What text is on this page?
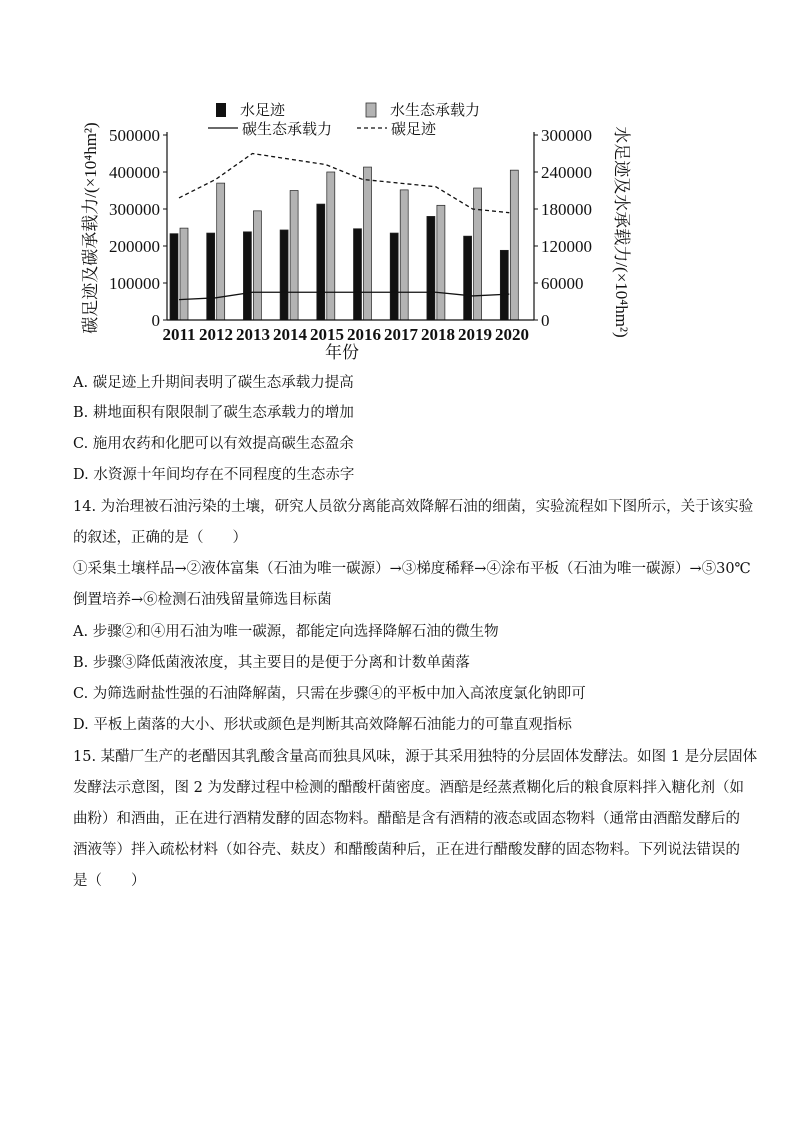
0
100000
200000
300000
400000
500000
0
60000
120000
180000
240000
300000
2011 2012 2013 2014 2015 2016 2017 2018 2019 2020
年份
碳足迹及碳承载力/(×10⁴hm²)	水足迹及水承载力/(×10⁴hm²)
水足迹	水生态承载力
碳生态承载力	碳足迹
A. 碳足迹上升期间表明了碳生态承载力提高
B. 耕地面积有限限制了碳生态承载力的增加
C. 施用农药和化肥可以有效提高碳生态盈余
D. 水资源十年间均存在不同程度的生态赤字
14. 为治理被石油污染的土壤，研究人员欲分离能高效降解石油的细菌，实验流程如下图所示，关于该实验
的叙述，正确的是（　　）
①采集土壤样品→②液体富集（石油为唯一碳源）→③梯度稀释→④涂布平板（石油为唯一碳源）→⑤30℃
倒置培养→⑥检测石油残留量筛选目标菌
A. 步骤②和④用石油为唯一碳源，都能定向选择降解石油的微生物
B. 步骤③降低菌液浓度，其主要目的是便于分离和计数单菌落
C. 为筛选耐盐性强的石油降解菌，只需在步骤④的平板中加入高浓度氯化钠即可
D. 平板上菌落的大小、形状或颜色是判断其高效降解石油能力的可靠直观指标
15. 某醋厂生产的老醋因其乳酸含量高而独具风味，源于其采用独特的分层固体发酵法。如图 1 是分层固体
发酵法示意图，图 2 为发酵过程中检测的醋酸杆菌密度。酒醅是经蒸煮糊化后的粮食原料拌入糖化剂（如
曲粉）和酒曲，正在进行酒精发酵的固态物料。醋醅是含有酒精的液态或固态物料（通常由酒醅发酵后的
酒液等）拌入疏松材料（如谷壳、麸皮）和醋酸菌种后，正在进行醋酸发酵的固态物料。下列说法错误的
是（　　）
